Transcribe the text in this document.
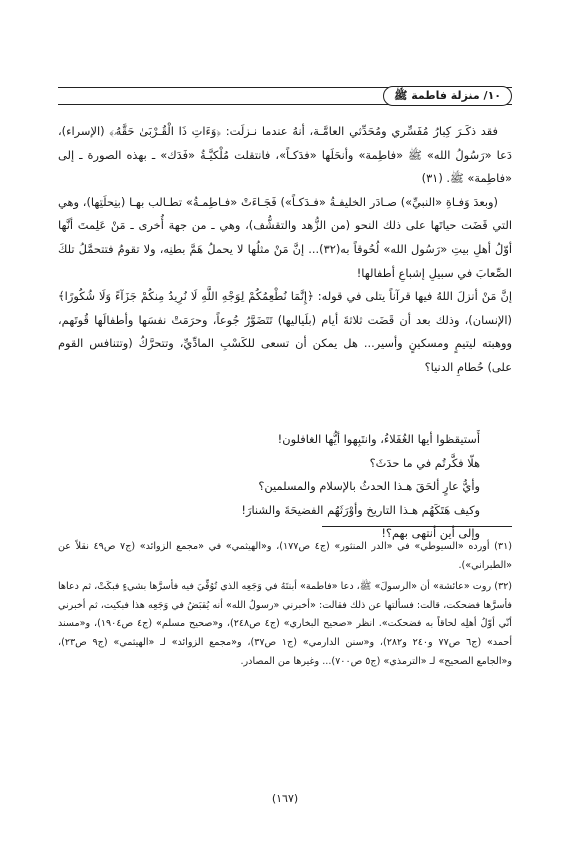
١٠/ منزلة فاطمة ﷺ

فقد ذكَـرَ كِبارُ مُفَسِّري ومُحَدِّثي العامَّـة، أنهُ عندما نـزلَت: ﴿وَءَاتِ ذَا الْقُـرْبَىٰ حَقَّهُۥ﴾ (الإسراء)، دَعا «رَسُولُ الله» ﷺ «فاطِمة» وأنحَلَها «فدَكـاً»، فانتقلت مُلْكيَّـةُ «فَدَك» ـ بهذه الصورة ـ إلى «فاطِمة» ﷺ. (٣١)

(وبعدَ وَفـاةِ «النبيِّ») صـادَر الخليفـةُ «فـدَكـاً») فَجَـاءَتْ «فـاطِمـةُ» تطـالب بهـا (بنِحلَتِها)، وهي التي قَضَت حياتَها على ذلك النحو (من الزُّهد والتقشُّف)، وهي ـ من جهة أُخرى ـ مَنْ عَلِمتَ أنَّها أوّلُ أهلِ بيتِ «رَسُول الله» لُحُوقاً به(٣٢)... إنَّ مَنْ مثلُها لا يحملُ هَمَّ بطنِه، ولا تقومُ فتتحمَّلُ تلكَ الصِّعابَ في سبيلِ إشباعِ أطفالها!

إنَّ مَنْ أنزلَ اللهُ فيها قرآناً يتلى في قوله: ﴿إِنَّمَا نُطْعِمُكُمْ لِوَجْهِ اللَّهِ لَا نُرِيدُ مِنكُمْ جَزَآءً وَلَا شُكُورًا﴾ (الإنسان)، وذلك بعد أن قَضَت ثلاثةَ أيام (بلَياليها) تَتَضَوَّرُ جُوعاً، وحرَمَتْ نفسَها وأطفالَها قُوتَهم، ووهبته ليتيمٍ ومسكينٍ وأسير... هل يمكن أن تسعى للكَسْبِ المادِّيِّ، وتتحرَّكُ (وتتنافس القوم على) حُطامِ الدنيا؟

أَستيقظوا أيها الغُفَلاءُ، وانتَبِهوا أيُّها الغافلون!
هلّا فكَّرتُم في ما حدَثَ؟
وأيُّ عارٍ ألحَقَ هـذا الحدثُ بالإسلام والمسلمين؟
وكيف هَتَكَهُم هـذا التاريخ وأوْرَثَهُم الفضيحَةَ والشنارَ!
وإلى أين أنتهى بهم؟!

(٣١) أورده «السيوطي» في «الدر المنثور» (ج٤ ص١٧٧)، و«الهيثمي» في «مجمع الزوائد» (ج٧ ص٤٩ نقلاً عن «الطبراني»).

(٣٢) روت «عائشة» أن «الرسولَ» ﷺ، دعا «فاطمة» أبنتَهُ في وَجَعِه الذي تُوُفِّيَ فيه فأسرَّها بشيءٍ فبكَتْ، ثم دعاها فأسرَّها فضحكت، قالت: فسألتها عن ذلك فقالت: «أخبرني «رسولُ الله» أنه يُقبَضُ في وَجَعِه هذا فبكيت، ثم أخبرني أنّي أوّلُ أهلِه لحاقاً به فضحكت». انظر «صحيح البخاري» (ج٤ ص٢٤٨)، و«صحيح مسلم» (ج٤ ص١٩٠٤)، و«مسند أحمد» (ج٦ ص٧٧ و٢٤٠ و٢٨٢)، و«سنن الدارمي» (ج١ ص٣٧)، و«مجمع الزوائد» لـ «الهيثمي» (ج٩ ص٢٣)، و«الجامع الصحيح» لـ «الترمذي» (ج٥ ص٧٠٠)... وغيرها من المصادر.

(١٦٧)
